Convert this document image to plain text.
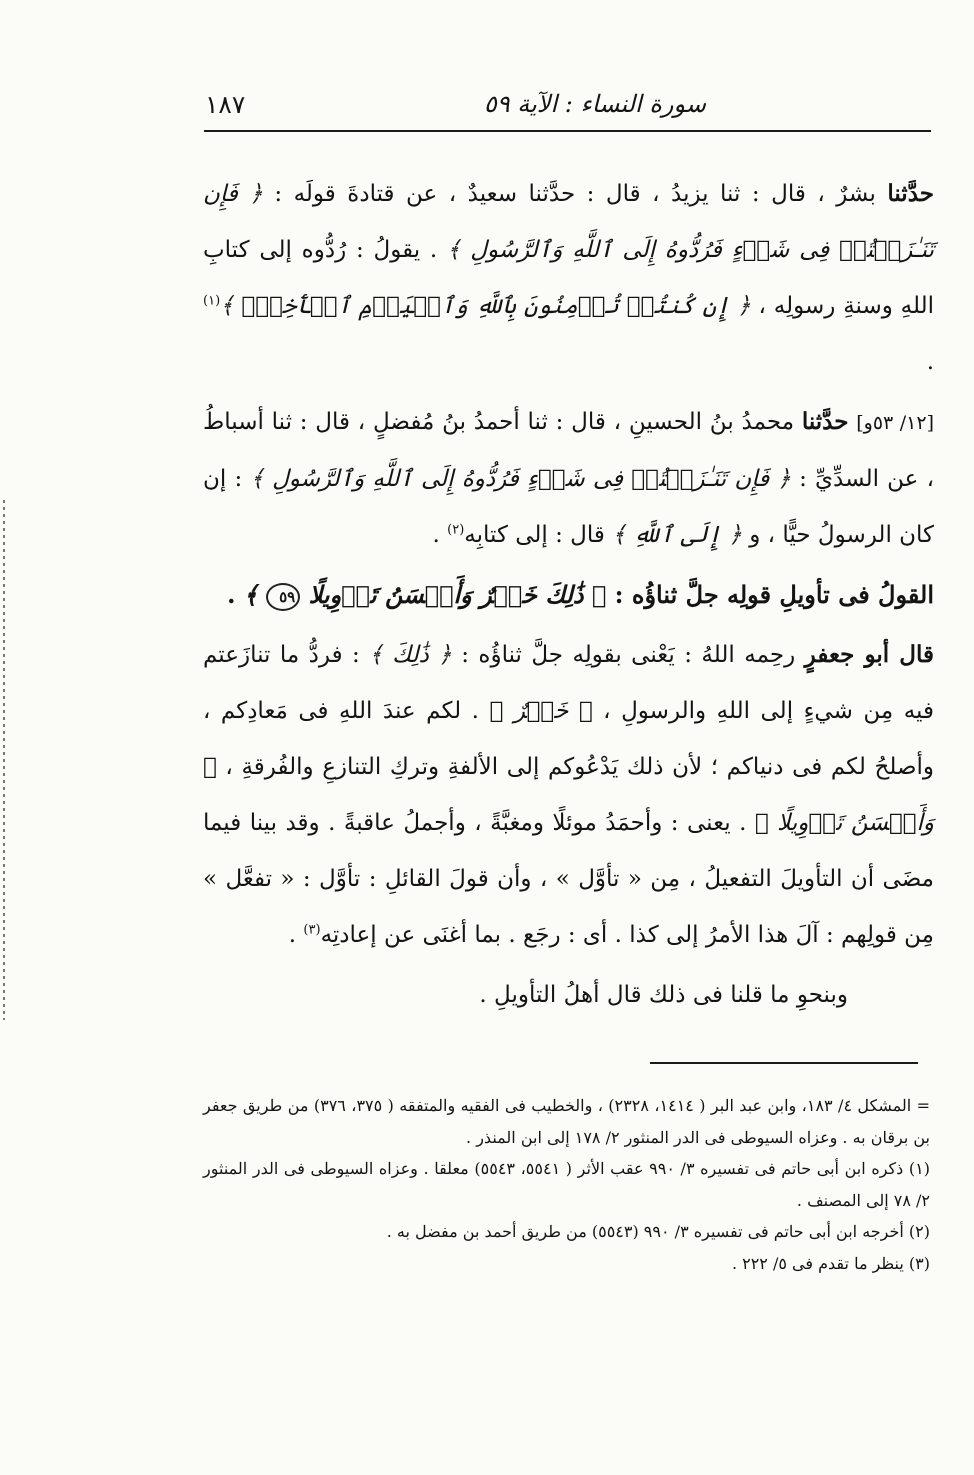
سورة النساء : الآية ٥٩
١٨٧

حدَّثنا بشرٌ ، قال : ثنا يزيدُ ، قال : حدَّثنا سعيدٌ ، عن قتادةَ قولَه : ﴿ فَإِن تَنَـٰزَعۡتُمۡ فِى شَىۡءٍ فَرُدُّوهُ إِلَى ٱللَّهِ وَٱلرَّسُولِ ﴾ . يقولُ : رُدُّوه إلى كتابِ اللهِ وسنةِ رسولِه ، ﴿ إِن كُنتُمۡ تُؤۡمِنُونَ بِٱللَّهِ وَٱلۡيَوۡمِ ٱلۡأٓخِرِۚ ﴾$^{(١)}$ .

[١٢/ ٥٣و] حدَّثنا محمدُ بنُ الحسينِ ، قال : ثنا أحمدُ بنُ مُفضلٍ ، قال : ثنا أسباطُ ، عن السدِّيِّ : ﴿ فَإِن تَنَـٰزَعۡتُمۡ فِى شَىۡءٍ فَرُدُّوهُ إِلَى ٱللَّهِ وَٱلرَّسُولِ ﴾ : إن كان الرسولُ حيًّا ، و ﴿ إِلَى ٱللَّهِ ﴾ قال : إلى كتابِه$^{(٢)}$ .

القولُ فى تأويلِ قولِه جلَّ ثناؤُه : ﴿ ذَٰلِكَ خَيۡرٌ وَأَحۡسَنُ تَأۡوِيلًا ٥٩ ﴾ .

قال أبو جعفرٍ رحِمه اللهُ : يَعْنى بقولِه جلَّ ثناؤُه : ﴿ ذَٰلِكَ ﴾ : فردُّ ما تنازَعتم فيه مِن شيءٍ إلى اللهِ والرسولِ ، ﴿ خَيۡرٌ ﴾ . لكم عندَ اللهِ فى مَعادِكم ، وأصلحُ لكم فى دنياكم ؛ لأن ذلك يَدْعُوكم إلى الألفةِ وتركِ التنازعِ والفُرقةِ ، ﴿ وَأَحۡسَنُ تَأۡوِيلًا ﴾ . يعنى : وأحمَدُ موئلًا ومغبَّةً ، وأجملُ عاقبةً . وقد بينا فيما مضَى أن التأويلَ التفعيلُ ، مِن « تأوَّل » ، وأن قولَ القائلِ : تأوَّل : « تفعَّل » مِن قولِهم : آلَ هذا الأمرُ إلى كذا . أى : رجَع . بما أغنَى عن إعادتِه$^{(٣)}$ .

وبنحوِ ما قلنا فى ذلك قال أهلُ التأويلِ .

= المشكل ٤/ ١٨٣، وابن عبد البر ( ١٤١٤، ٢٣٢٨) ، والخطيب فى الفقيه والمتفقه ( ٣٧٥، ٣٧٦) من طريق جعفر بن برقان به . وعزاه السيوطى فى الدر المنثور ٢/ ١٧٨ إلى ابن المنذر .

(١) ذكره ابن أبى حاتم فى تفسيره ٣/ ٩٩٠ عقب الأثر ( ٥٥٤١، ٥٥٤٣) معلقا . وعزاه السيوطى فى الدر المنثور ٢/ ٧٨ إلى المصنف .

(٢) أخرجه ابن أبى حاتم فى تفسيره ٣/ ٩٩٠ (٥٥٤٣) من طريق أحمد بن مفضل به .

(٣) ينظر ما تقدم فى ٥/ ٢٢٢ .
